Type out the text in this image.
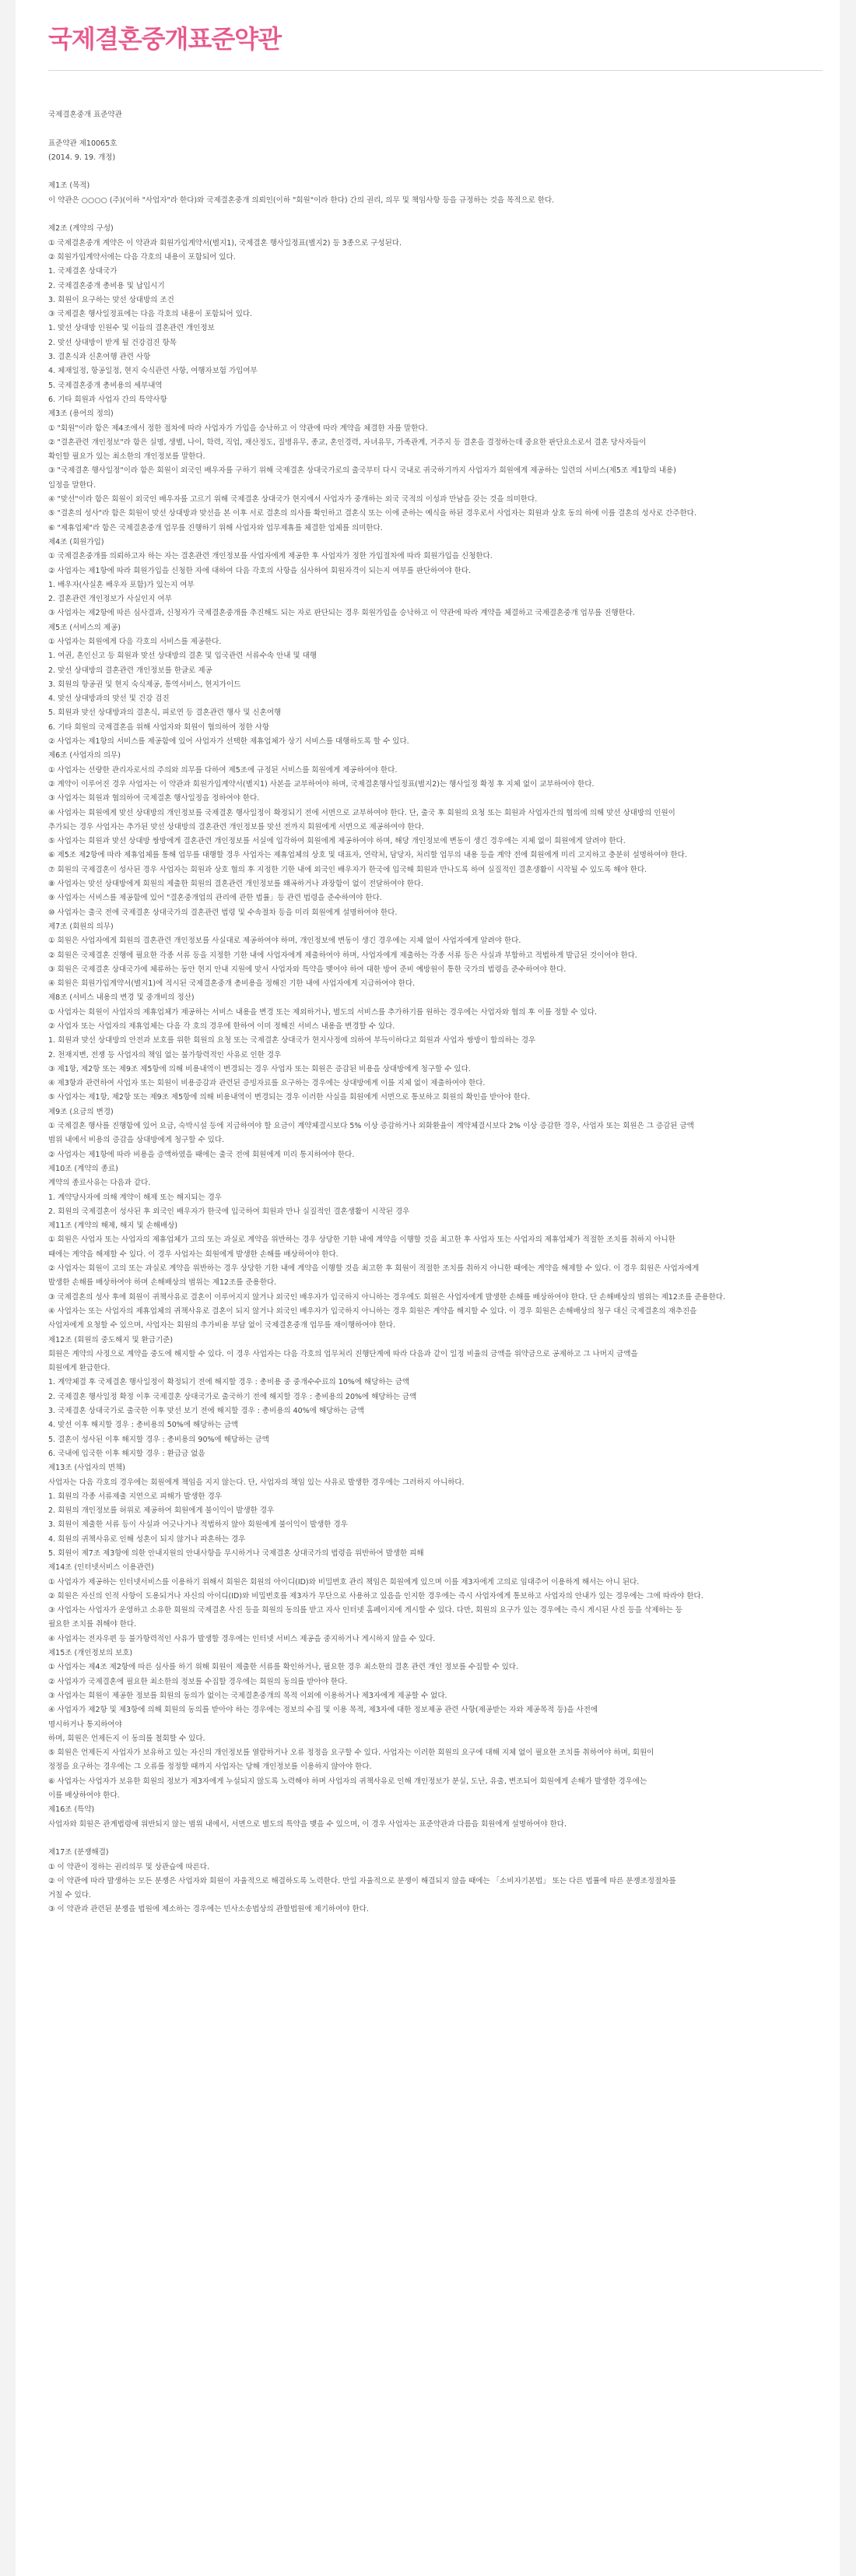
국제결혼중개표준약관
국제결혼중개 표준약관
표준약관 제10065호
(2014. 9. 19. 개정)
제1조 (목적)
이 약관은 ○○○○ (주)(이하 "사업자"라 한다)와 국제결혼중개 의뢰인(이하 "회원"이라 한다) 간의 권리, 의무 및 책임사항 등을 규정하는 것을 목적으로 한다.
제2조 (계약의 구성)
① 국제결혼중개 계약은 이 약관과 회원가입계약서(별지1), 국제결혼 행사일정표(별지2) 등 3종으로 구성된다.
② 회원가입계약서에는 다음 각호의 내용이 포함되어 있다.
1. 국제결혼 상대국가
2. 국제결혼중개 총비용 및 납입시기
3. 회원이 요구하는 맞선 상대방의 조건
③ 국제결혼 행사일정표에는 다음 각호의 내용이 포함되어 있다.
1. 맞선 상대방 인원수 및 이들의 결혼관련 개인정보
2. 맞선 상대방이 받게 될 건강검진 항목
3. 결혼식과 신혼여행 관련 사항
4. 체재일정, 항공일정, 현지 숙식관련 사항, 여행자보험 가입여부
5. 국제결혼중개 총비용의 세부내역
6. 기타 회원과 사업자 간의 특약사항
제3조 (용어의 정의)
① "회원"이라 함은 제4조에서 정한 절차에 따라 사업자가 가입을 승낙하고 이 약관에 따라 계약을 체결한 자를 말한다.
② "결혼관련 개인정보"라 함은 실명, 생별, 나이, 학력, 직업, 재산정도, 질병유무, 종교, 혼인경력, 자녀유무, 가족관계, 거주지 등 결혼을 결정하는데 중요한 판단요소로서 결혼 당사자들이
확인할 필요가 있는 최소한의 개인정보를 말한다.
③ "국제결혼 행사일정"이라 함은 회원이 외국인 배우자를 구하기 위해 국제결혼 상대국가로의 출국부터 다시 국내로 귀국하기까지 사업자가 회원에게 제공하는 일련의 서비스(제5조 제1항의 내용)
일정을 말한다.
④ "맞선"이라 함은 회원이 외국인 배우자를 고르기 위해 국제결혼 상대국가 현지에서 사업자가 중개하는 외국 국적의 이성과 만남을 갖는 것을 의미한다.
⑤ "결혼의 성사"라 함은 회원이 맞선 상대방과 맞선을 본 이후 서로 결혼의 의사를 확인하고 결혼식 또는 이에 준하는 예식을 하된 경우로서 사업자는 회원과 상호 동의 하에 이를 결혼의 성사로 간주한다.
⑥ "제휴업체"라 함은 국제결혼중개 업무를 진행하기 위해 사업자와 업무제휴를 체결한 업체를 의미한다.
제4조 (회원가입)
① 국제결혼중개를 의뢰하고자 하는 자는 결혼관련 개인정보를 사업자에게 제공한 후 사업자가 정한 가입절차에 따라 회원가입을 신청한다.
② 사업자는 제1항에 따라 회원가입을 신청한 자에 대하여 다음 각호의 사항을 심사하여 회원자격이 되는지 여부를 판단하여야 한다.
1. 배우자(사실혼 배우자 포함)가 있는지 여부
2. 결혼관련 개인정보가 사실인지 여부
③ 사업자는 제2항에 따른 심사결과, 신청자가 국제결혼중개를 추진해도 되는 자로 판단되는 경우 회원가입을 승낙하고 이 약관에 따라 계약을 체결하고 국제결혼중개 업무를 진행한다.
제5조 (서비스의 제공)
① 사업자는 회원에게 다음 각호의 서비스를 제공한다.
1. 여권, 혼인신고 등 회원과 맞선 상대방의 결혼 및 입국관련 서류수속 안내 및 대행
2. 맞선 상대방의 결혼관련 개인정보를 한글로 제공
3. 회원의 항공권 및 현지 숙식제공, 통역서비스, 현지가이드
4. 맞선 상대방과의 맞선 및 건강 검진
5. 회원과 맞선 상대방과의 결혼식, 피로연 등 결혼관련 행사 및 신혼여행
6. 기타 회원의 국제결혼을 위해 사업자와 회원이 협의하여 정한 사항
② 사업자는 제1항의 서비스를 제공함에 있어 사업자가 선택한 제휴업체가 상기 서비스를 대행하도록 할 수 있다.
제6조 (사업자의 의무)
① 사업자는 선량한 관리자로서의 주의와 의무를 다하여 제5조에 규정된 서비스를 회원에게 제공하여야 한다.
② 계약이 이루어진 경우 사업자는 이 약관과 회원가입계약서(별지1) 사본을 교부하여야 하며, 국제결혼행사일정표(별지2)는 행사일정 확정 후 지체 없이 교부하여야 한다.
③ 사업자는 회원과 협의하여 국제결혼 행사일정을 정하여야 한다.
④ 사업자는 회원에게 맞선 상대방의 개인정보를 국제결혼 행사일정이 확정되기 전에 서면으로 교부하여야 한다. 단, 출국 후 회원의 요청 또는 회원과 사업자간의 협의에 의해 맞선 상대방의 인원이
추가되는 경우 사업자는 추가된 맞선 상대방의 결혼관련 개인정보를 맞선 전까지 회원에게 서면으로 제공하여야 한다.
⑤ 사업자는 회원과 맞선 상대방 쌍방에게 결혼관련 개인정보를 서실에 입각하여 회원에게 제공하여야 하며, 해당 개인정보에 변동이 생긴 경우에는 지체 없이 회원에게 알려야 한다.
⑥ 제5조 제2항에 따라 제휴업체를 통해 업무를 대행할 경우 사업자는 제휴업체의 상호 및 대표자, 연락처, 담당자, 처리할 업무의 내용 등을 계약 전에 회원에게 미리 고지하고 충분히 설명하여야 한다.
⑦ 회원의 국제결혼이 성사된 경우 사업자는 회원과 상호 협의 후 지정한 기한 내에 외국인 배우자가 한국에 입국해 회원과 만나도록 하여 실질적인 결혼생활이 시작될 수 있도록 해야 한다.
⑧ 사업자는 맞선 상대방에게 회원의 제출한 회원의 결혼관련 개인정보를 왜곡하거나 과장함이 없이 전달하여야 한다.
⑨ 사업자는 서비스를 제공함에 있어 "결혼중개업의 관리에 관한 법률」등 관련 법령을 준수하여야 한다.
⑩ 사업자는 출국 전에 국제결혼 상대국가의 결혼관련 법령 및 수속절차 등을 미리 회원에게 설명하여야 한다.
제7조 (회원의 의무)
① 회원은 사업자에게 회원의 결혼관련 개인정보를 사실대로 제공하여야 하며, 개인정보에 변동이 생긴 경우에는 지체 없이 사업자에게 알려야 한다.
② 회원은 국제결혼 진행에 필요한 각종 서류 등을 지정한 기한 내에 사업자에게 제출하여야 하며, 사업자에게 제출하는 각종 서류 등은 사실과 부합하고 적법하게 발급된 것이어야 한다.
③ 회원은 국제결혼 상대국가에 체류하는 동안 현지 안내 지원에 맞서 사업자와 특약을 맺어야 하여 대한 방어 준비 예방원이 통한 국가의 법령을 준수하여야 한다.
④ 회원은 회원가입계약서(별지1)에 적시된 국제결혼중개 총비용을 정해진 기한 내에 사업자에게 지급하여야 한다.
제8조 (서비스 내용의 변경 및 중개비의 정산)
① 사업자는 회원이 사업자의 제휴업체가 제공하는 서비스 내용을 변경 또는 제외하거나, 별도의 서비스를 추가하기를 원하는 경우에는 사업자와 협의 후 이를 정할 수 있다.
② 사업자 또는 사업자의 제휴업체는 다음 각 호의 경우에 한하여 이미 정해진 서비스 내용을 변경할 수 있다.
1. 회원과 맞선 상대방의 안전과 보호를 위한 회원의 요청 또는 국제결혼 상대국가 현지사정에 의하여 부득이하다고 회원과 사업자 쌍방이 합의하는 경우
2. 천재지변, 전쟁 등 사업자의 책임 없는 불가항력적인 사유로 인한 경우
③ 제1항, 제2항 또는 제9조 제5항에 의해 비용내역이 변경되는 경우 사업자 또는 회원은 증감된 비용을 상대방에게 청구할 수 있다.
④ 제3항과 관련하여 사업자 또는 회원이 비용증감과 관련된 증빙자료를 요구하는 경우에는 상대방에게 이를 지체 없이 제출하여야 한다.
⑤ 사업자는 제1항, 제2항 또는 제9조 제5항에 의해 비용내역이 변경되는 경우 이러한 사실을 회원에게 서면으로 통보하고 회원의 확인을 받아야 한다.
제9조 (요금의 변경)
① 국제결혼 행사를 진행함에 있어 요금, 숙박시설 등에 지급하여야 할 요금이 계약체결시보다 5% 이상 증감하거나 외화환율이 계약체결시보다 2% 이상 증감한 경우, 사업자 또는 회원은 그 증감된 금액
범위 내에서 비용의 증감을 상대방에게 청구할 수 있다.
② 사업자는 제1항에 따라 비용을 증액하였을 때에는 출국 전에 회원에게 미리 통지하여야 한다.
제10조 (계약의 종료)
계약의 종료사유는 다음과 같다.
1. 계약당사자에 의해 계약이 해제 또는 해지되는 경우
2. 회원의 국제결혼이 성사된 후 외국인 배우자가 한국에 입국하여 회원과 만나 실질적인 결혼생활이 시작된 경우
제11조 (계약의 해제, 해지 및 손해배상)
① 회원은 사업자 또는 사업자의 제휴업체가 고의 또는 과실로 계약을 위반하는 경우 상당한 기한 내에 계약을 이행할 것을 최고한 후 사업자 또는 사업자의 제휴업체가 적절한 조치를 취하지 아니한
때에는 계약을 해제할 수 있다. 이 경우 사업자는 회원에게 발생한 손해를 배상하여야 한다.
② 사업자는 회원이 고의 또는 과실로 계약을 위반하는 경우 상당한 기한 내에 계약을 이행할 것을 최고한 후 회원이 적절한 조치를 취하지 아니한 때에는 계약을 해제할 수 있다. 이 경우 회원은 사업자에게
발생한 손해를 배상하여야 하며 손해배상의 범위는 제12조를 준용한다.
③ 국제결혼의 성사 후에 회원이 귀책사유로 결혼이 이루어지지 않거나 외국인 배우자가 입국하지 아니하는 경우에도 회원은 사업자에게 발생한 손해를 배상하여야 한다. 단 손해배상의 범위는 제12조를 준용한다.
④ 사업자는 또는 사업자의 제휴업체의 귀책사유로 결혼이 되지 않거나 외국인 배우자가 입국하지 아니하는 경우 회원은 계약을 해지할 수 있다. 이 경우 회원은 손해배상의 청구 대신 국제결혼의 재추진을
사업자에게 요청할 수 있으며, 사업자는 회원의 추가비용 부담 없이 국제결혼중개 업무를 재이행하여야 한다.
제12조 (회원의 중도해지 및 환급기준)
회원은 계약의 사정으로 계약을 중도에 해지할 수 있다. 이 경우 사업자는 다음 각호의 업무처리 진행단계에 따라 다음과 같이 일정 비율의 금액을 위약금으로 공제하고 그 나머지 금액을
회원에게 환급한다.
1. 계약체결 후 국제결혼 행사일정이 확정되기 전에 해지할 경우 : 총비용 중 중개수수료의 10%에 해당하는 금액
2. 국제결혼 행사일정 확정 이후 국제결혼 상대국가로 출국하기 전에 해지할 경우 : 총비용의 20%에 해당하는 금액
3. 국제결혼 상대국가로 출국한 이후 맞선 보기 전에 해지할 경우 : 총비용의 40%에 해당하는 금액
4. 맞선 이후 해지할 경우 : 총비용의 50%에 해당하는 금액
5. 결혼이 성사된 이후 해지할 경우 : 총비용의 90%에 해당하는 금액
6. 국내에 입국한 이후 해지할 경우 : 환급금 없음
제13조 (사업자의 면책)
사업자는 다음 각호의 경우에는 회원에게 책임을 지지 않는다. 단, 사업자의 책임 있는 사유로 발생한 경우에는 그러하지 아니하다.
1. 회원의 각종 서류제출 지연으로 피해가 발생한 경우
2. 회원의 개인정보를 허위로 제공하여 회원에게 불이익이 발생한 경우
3. 회원이 제출한 서류 등이 사실과 어긋나거나 적법하지 않아 회원에게 불이익이 발생한 경우
4. 회원의 귀책사유로 인해 성혼이 되지 않거나 파혼하는 경우
5. 회원이 제7조 제3항에 의한 안내지원의 안내사항을 무시하거나 국제결혼 상대국가의 법령을 위반하여 발생한 피해
제14조 (인터넷서비스 이용관련)
① 사업자가 제공하는 인터넷서비스를 이용하기 위해서 회원은 회원의 아이디(ID)와 비밀번호 관리 책임은 회원에게 있으며 이를 제3자에게 고의로 임대주어 이용하게 해서는 아니 된다.
② 회원은 자신의 인적 사항이 도용되거나 자신의 아이디(ID)와 비밀번호를 제3자가 무단으로 사용하고 있음을 인지한 경우에는 즉시 사업자에게 통보하고 사업자의 안내가 있는 경우에는 그에 따라야 한다.
③ 사업자는 사업자가 운영하고 소유한 회원의 국제결혼 사진 등을 회원의 동의를 받고 자사 인터넷 홈페이지에 게시할 수 있다. 다만, 회원의 요구가 있는 경우에는 즉시 게시된 사진 등을 삭제하는 등
필요한 조치를 취해야 한다.
④ 사업자는 전자우편 등 불가항력적인 사유가 발생할 경우에는 인터넷 서비스 제공을 중지하거나 게시하지 않을 수 있다.
제15조 (개인정보의 보호)
① 사업자는 제4조 제2항에 따른 심사를 하기 위해 회원이 제출한 서류를 확인하거나, 필요한 경우 최소한의 결혼 관련 개인 정보를 수집할 수 있다.
② 사업자가 국제결혼에 필요한 최소한의 정보를 수집할 경우에는 회원의 동의를 받아야 한다.
③ 사업자는 회원이 제공한 정보를 회원의 동의가 없이는 국제결혼중개의 목적 이외에 이용하거나 제3자에게 제공할 수 없다.
④ 사업자가 제2항 및 제3항에 의해 회원의 동의를 받아야 하는 경우에는 정보의 수집 및 이용 목적, 제3자에 대한 정보제공 관련 사항(제공받는 자와 제공목적 등)을 사전에
명시하거나 통지하여야
하며, 회원은 언제든지 이 동의를 철회할 수 있다.
⑤ 회원은 언제든지 사업자가 보유하고 있는 자신의 개인정보를 열람하거나 오류 정정을 요구할 수 있다. 사업자는 이러한 회원의 요구에 대해 지체 없이 필요한 조치를 취하여야 하며, 회원이
정정을 요구하는 경우에는 그 오류를 정정할 때까지 사업자는 당해 개인정보를 이용하지 않아야 한다.
⑥ 사업자는 사업자가 보유한 회원의 정보가 제3자에게 누설되지 않도록 노력해야 하며 사업자의 귀책사유로 인해 개인정보가 분실, 도난, 유출, 변조되어 회원에게 손해가 발생한 경우에는
이를 배상하여야 한다.
제16조 (특약)
사업자와 회원은 관계법령에 위반되지 않는 범위 내에서, 서면으로 별도의 특약을 맺을 수 있으며, 이 경우 사업자는 표준약관과 다름을 회원에게 설명하여야 한다.
제17조 (분쟁해결)
① 이 약관이 정하는 권리의무 및 상관습에 따른다.
② 이 약관에 따라 발생하는 모든 분쟁은 사업자와 회원이 자율적으로 해결하도록 노력한다. 만일 자율적으로 분쟁이 해결되지 않을 때에는 「소비자기본법」 또는 다른 법률에 따른 분쟁조정절차를
거칠 수 있다.
③ 이 약관과 관련된 분쟁을 법원에 제소하는 경우에는 민사소송법상의 관할법원에 제기하여야 한다.
